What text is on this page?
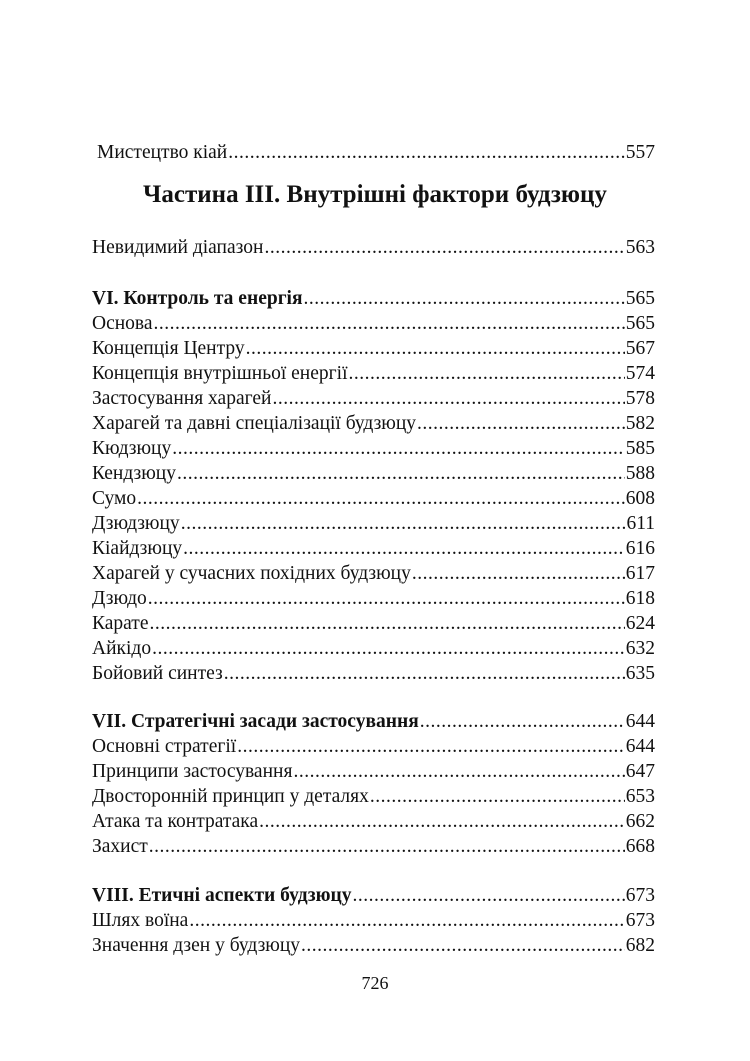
Мистецтво кіай .....	557
Частина ІІІ. Внутрішні фактори будзюцу
Невидимий діапазон .....	563
VI. Контроль та енергія .....	565
Основа .....	565
Концепція Центру .....	567
Концепція внутрішньої енергії .....	574
Застосування харагей .....	578
Харагей та давні спеціалізації будзюцу .....	582
Кюдзюцу .....	585
Кендзюцу .....	588
Сумо .....	608
Дзюдзюцу .....	611
Кіайдзюцу .....	616
Харагей у сучасних похідних будзюцу .....	617
Дзюдо .....	618
Карате .....	624
Айкідо .....	632
Бойовий синтез .....	635
VII. Стратегічні засади застосування .....	644
Основні стратегії .....	644
Принципи застосування .....	647
Двосторонній принцип у деталях .....	653
Атака та контратака .....	662
Захист .....	668
VIII. Етичні аспекти будзюцу .....	673
Шлях воїна .....	673
Значення дзен у будзюцу .....	682
726
